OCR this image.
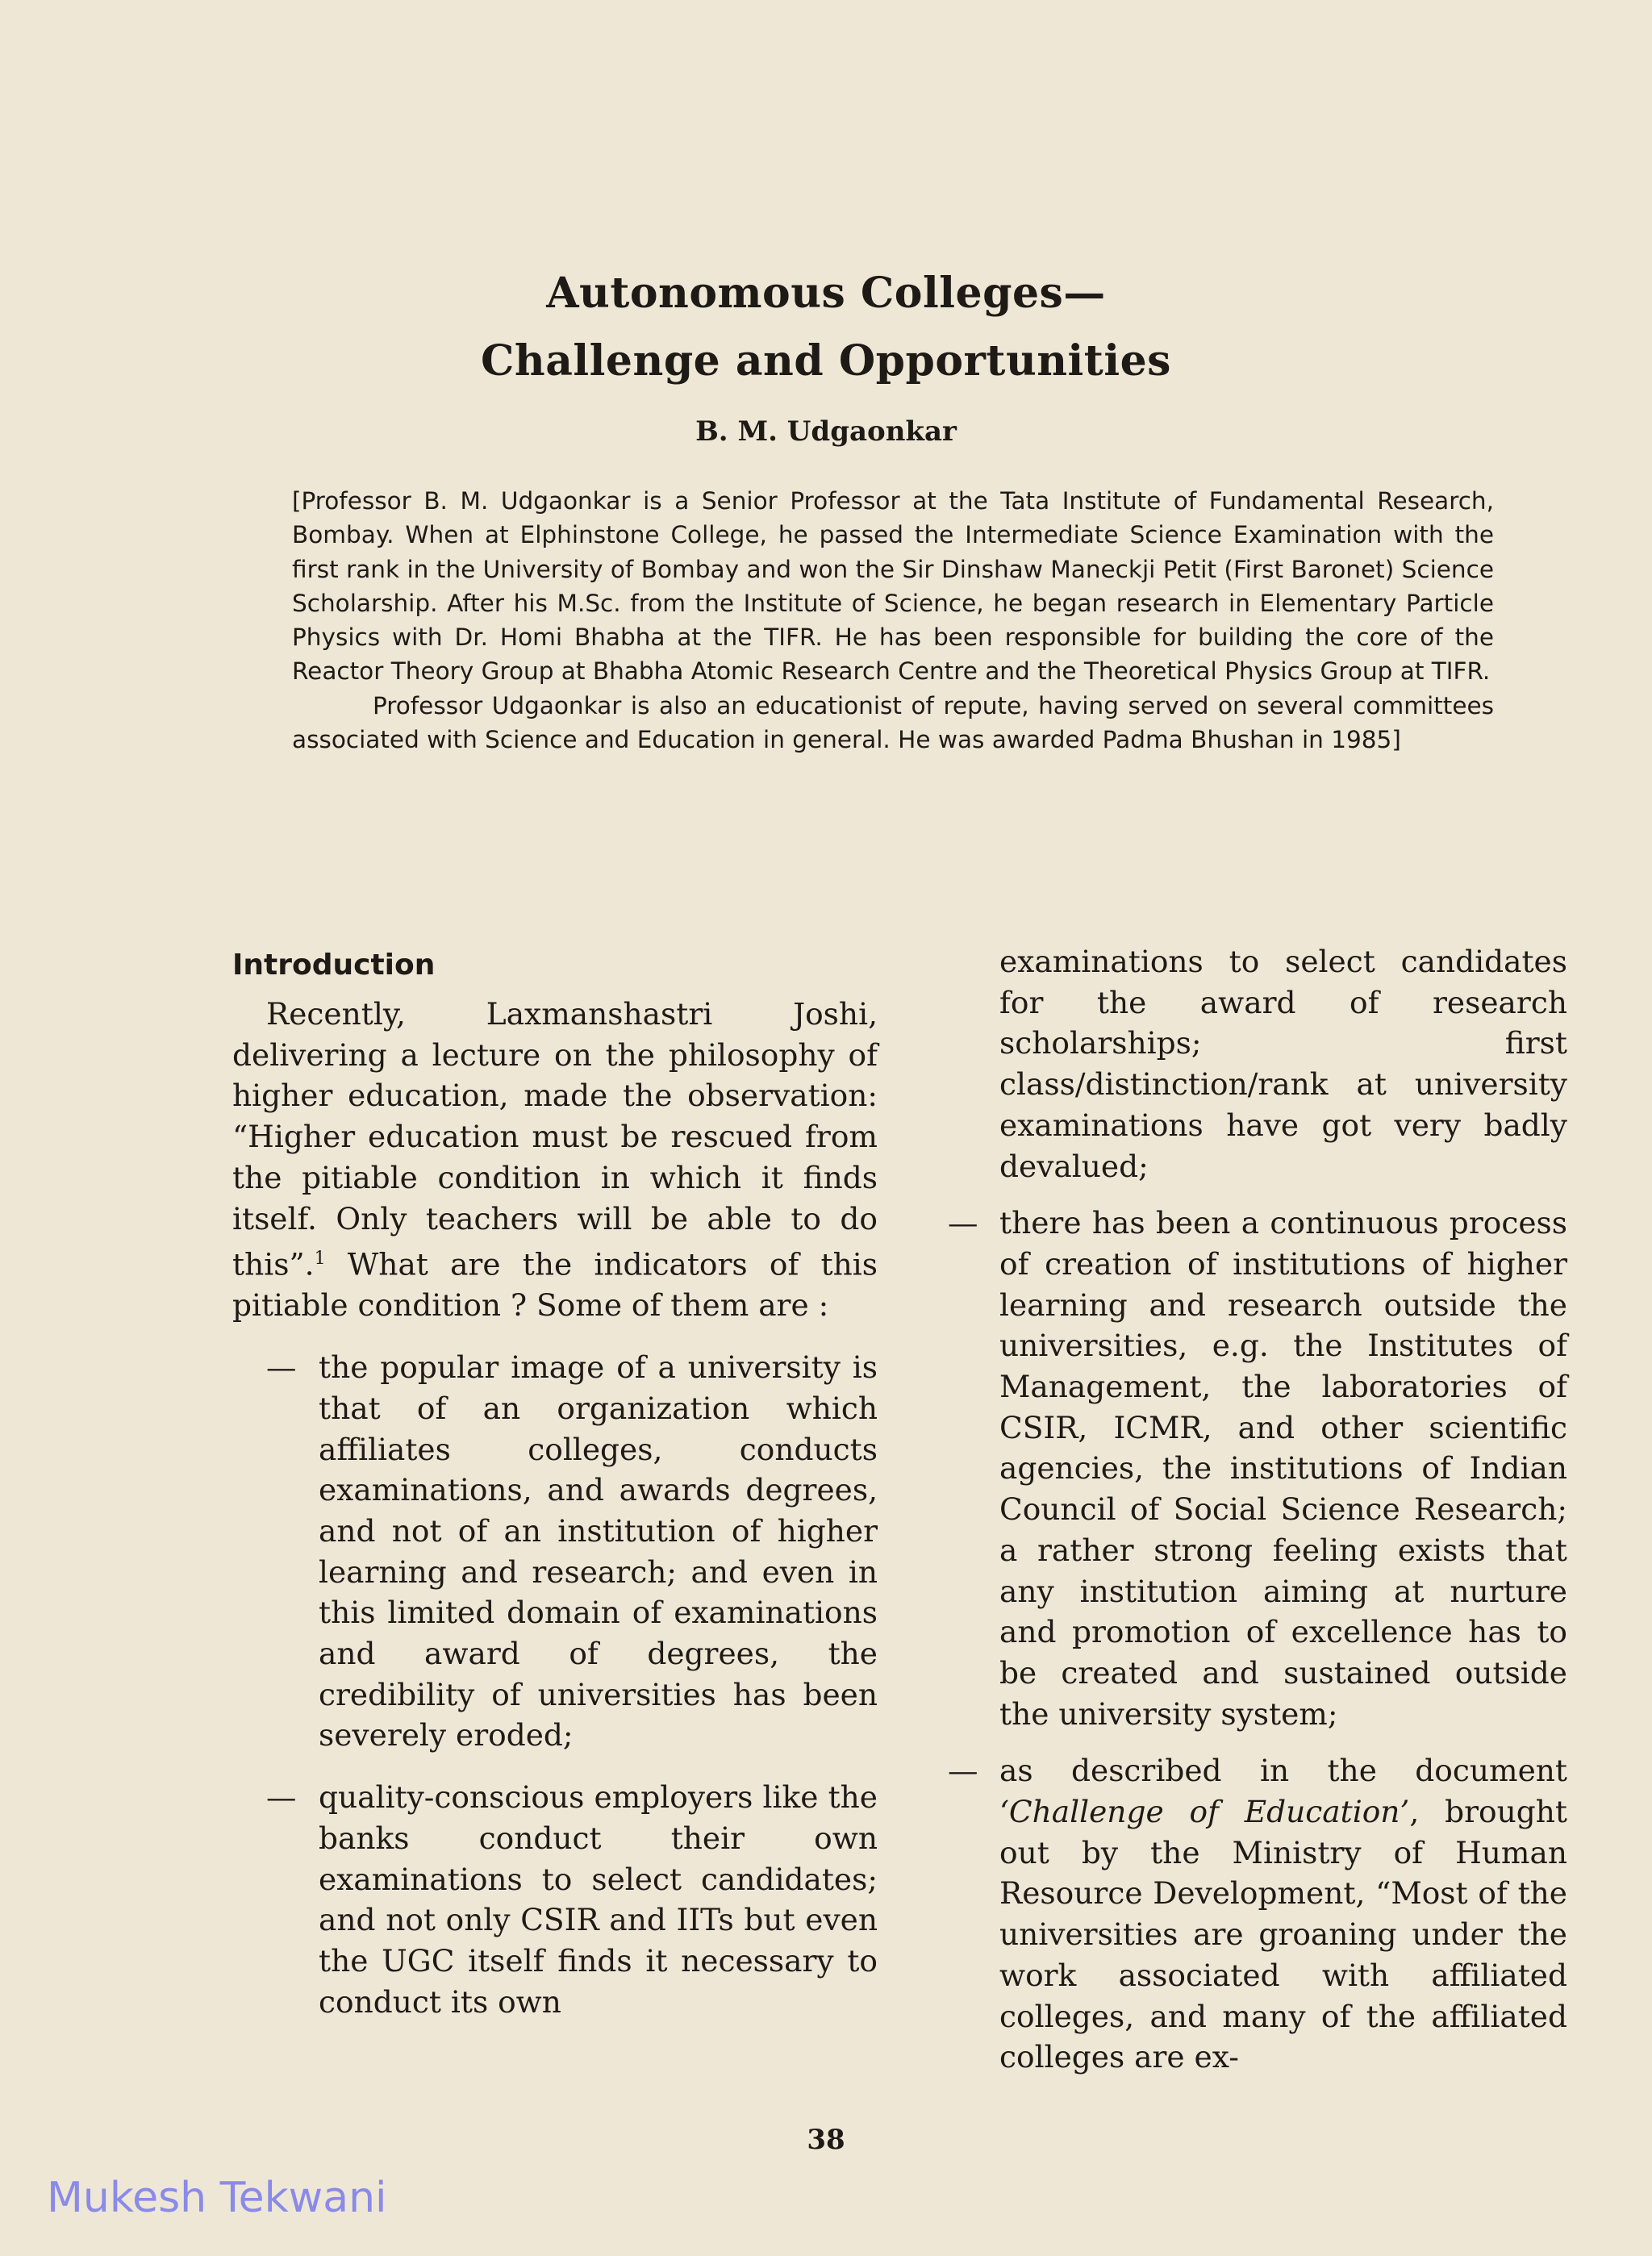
Autonomous Colleges—
Challenge and Opportunities
B. M. Udgaonkar

[Professor B. M. Udgaonkar is a Senior Professor at the Tata Institute of Fundamental Research, Bombay. When at Elphinstone College, he passed the Intermediate Science Examination with the first rank in the University of Bombay and won the Sir Dinshaw Maneckji Petit (First Baronet) Science Scholarship. After his M.Sc. from the Institute of Science, he began research in Elementary Particle Physics with Dr. Homi Bhabha at the TIFR. He has been responsible for building the core of the Reactor Theory Group at Bhabha Atomic Research Centre and the Theoretical Physics Group at TIFR.

Professor Udgaonkar is also an educationist of repute, having served on several committees associated with Science and Education in general. He was awarded Padma Bhushan in 1985]

Introduction

Recently, Laxmanshastri Joshi, delivering a lecture on the philosophy of higher education, made the observation: “Higher education must be rescued from the pitiable condition in which it finds itself. Only teachers will be able to do this”.$^1$ What are the indicators of this pitiable condition ? Some of them are :

— the popular image of a university is that of an organization which affiliates colleges, conducts examinations, and awards degrees, and not of an institution of higher learning and research; and even in this limited domain of examinations and award of degrees, the credibility of universities has been severely eroded;

— quality-conscious employers like the banks conduct their own examinations to select candidates; and not only CSIR and IITs but even the UGC itself finds it necessary to conduct its own

examinations to select candidates for the award of research scholarships; first class/distinction/rank at university examinations have got very badly devalued;

— there has been a continuous process of creation of institutions of higher learning and research outside the universities, e.g. the Institutes of Management, the laboratories of CSIR, ICMR, and other scientific agencies, the institutions of Indian Council of Social Science Research; a rather strong feeling exists that any institution aiming at nurture and promotion of excellence has to be created and sustained outside the university system;

— as described in the document ‘Challenge of Education’, brought out by the Ministry of Human Resource Development, “Most of the universities are groaning under the work associated with affiliated colleges, and many of the affiliated colleges are ex-

38
Mukesh Tekwani
